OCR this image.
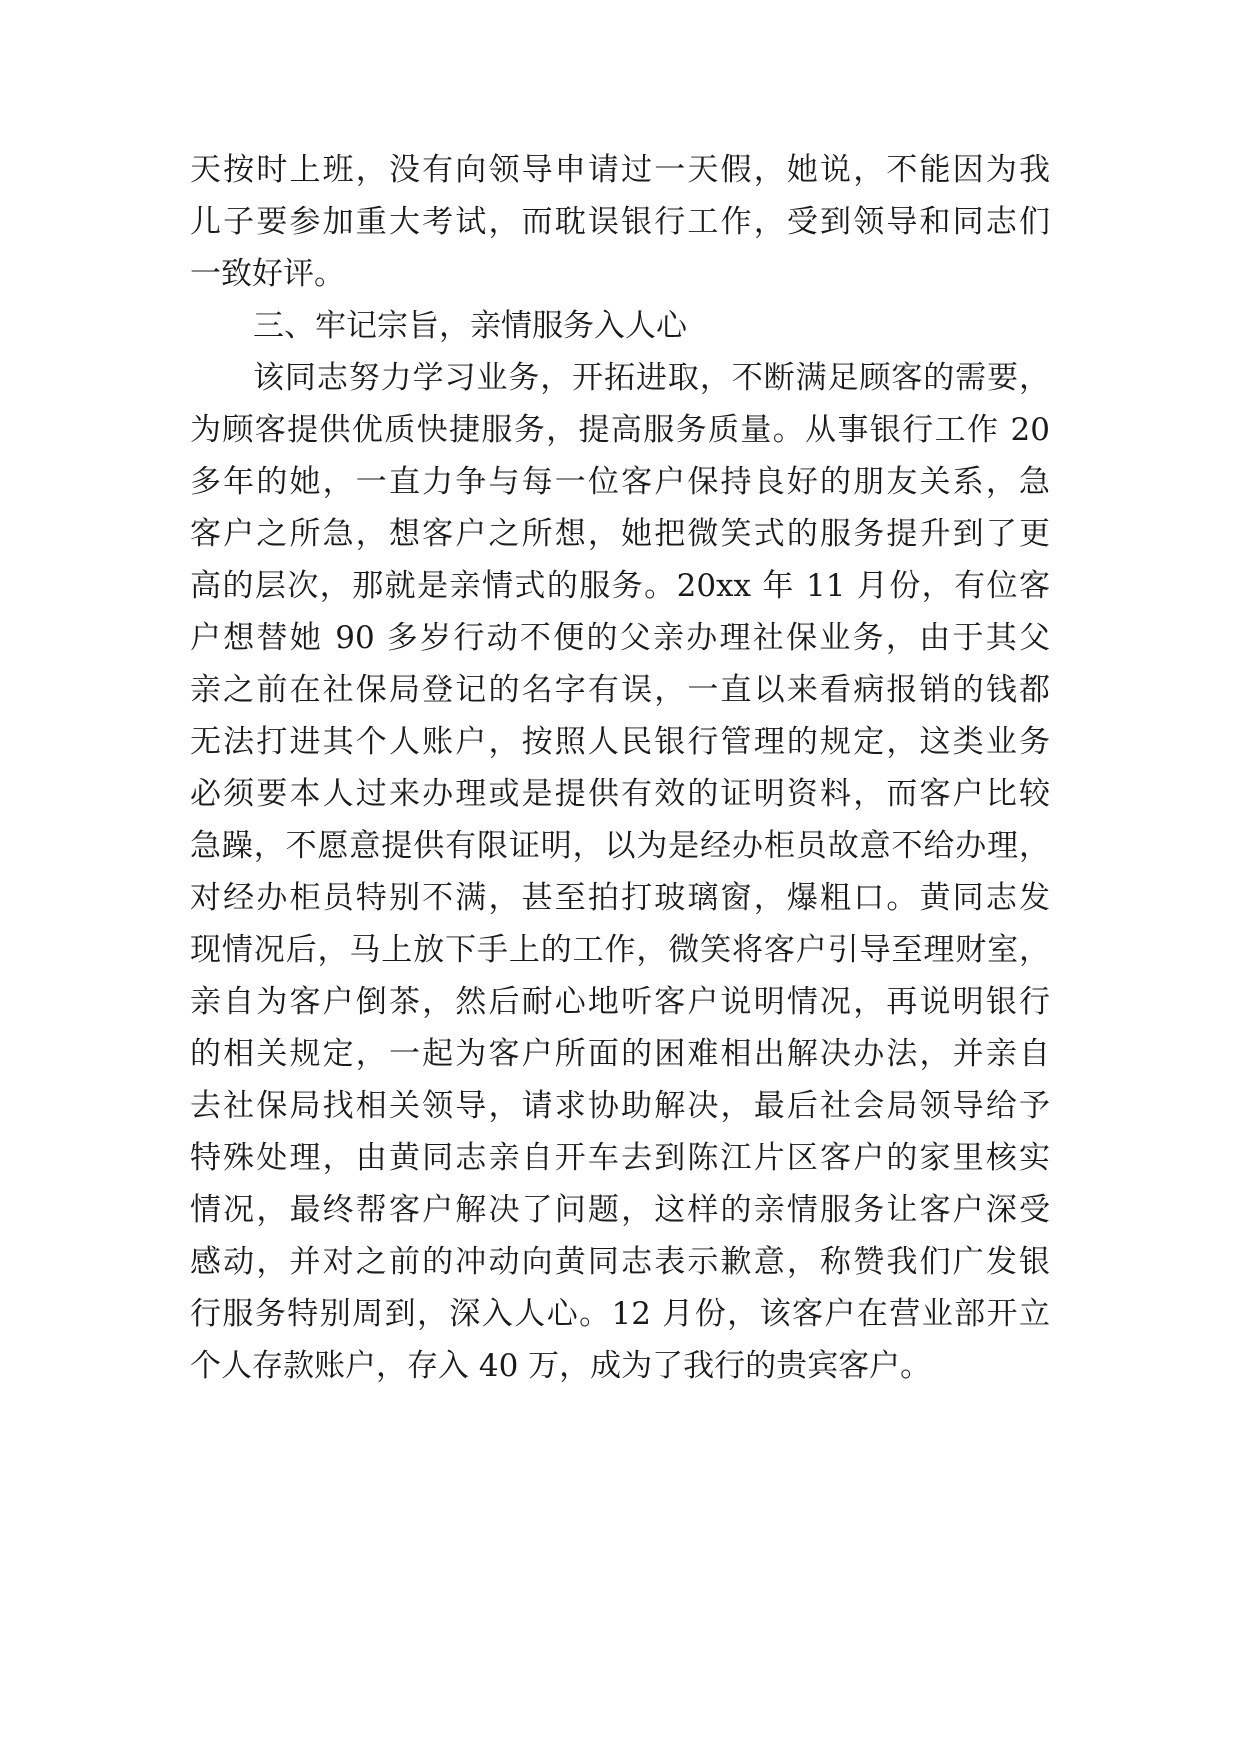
天按时上班，没有向领导申请过一天假，她说，不能因为我
儿子要参加重大考试，而耽误银行工作，受到领导和同志们
一致好评。
三、牢记宗旨，亲情服务入人心
该同志努力学习业务，开拓进取，不断满足顾客的需要，
为顾客提供优质快捷服务，提高服务质量。从事银行工作 20
多年的她，一直力争与每一位客户保持良好的朋友关系，急
客户之所急，想客户之所想，她把微笑式的服务提升到了更
高的层次，那就是亲情式的服务。20xx 年 11 月份，有位客
户想替她 90 多岁行动不便的父亲办理社保业务，由于其父
亲之前在社保局登记的名字有误，一直以来看病报销的钱都
无法打进其个人账户，按照人民银行管理的规定，这类业务
必须要本人过来办理或是提供有效的证明资料，而客户比较
急躁，不愿意提供有限证明，以为是经办柜员故意不给办理，
对经办柜员特别不满，甚至拍打玻璃窗，爆粗口。黄同志发
现情况后，马上放下手上的工作，微笑将客户引导至理财室，
亲自为客户倒茶，然后耐心地听客户说明情况，再说明银行
的相关规定，一起为客户所面的困难相出解决办法，并亲自
去社保局找相关领导，请求协助解决，最后社会局领导给予
特殊处理，由黄同志亲自开车去到陈江片区客户的家里核实
情况，最终帮客户解决了问题，这样的亲情服务让客户深受
感动，并对之前的冲动向黄同志表示歉意，称赞我们广发银
行服务特别周到，深入人心。12 月份，该客户在营业部开立
个人存款账户，存入 40 万，成为了我行的贵宾客户。
